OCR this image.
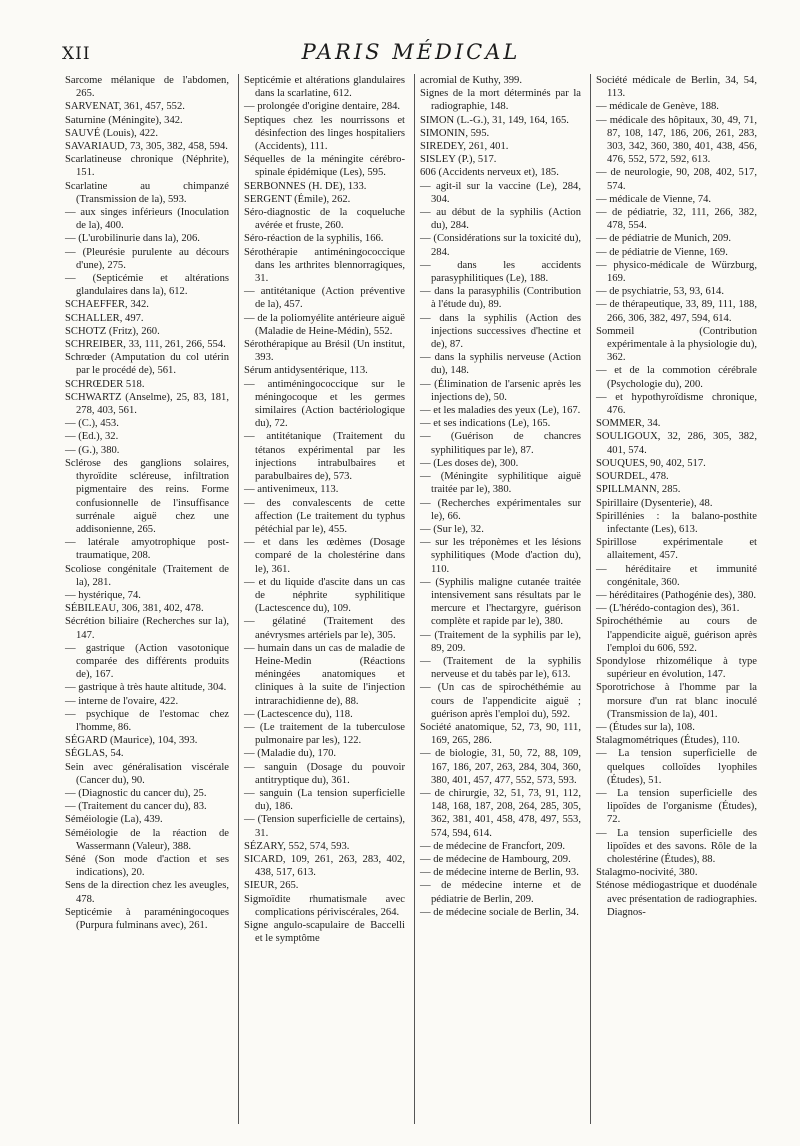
XII	PARIS MÉDICAL

Sarcome mélanique de l'abdomen, 265.

SARVENAT, 361, 457, 552.

Saturnine (Méningite), 342.

SAUVÉ (Louis), 422.

SAVARIAUD, 73, 305, 382, 458, 594.

Scarlatineuse chronique (Néphrite), 151.

Scarlatine au chimpanzé (Transmission de la), 593.

— aux singes inférieurs (Inoculation de la), 400.

— (L'urobilinurie dans la), 206.

— (Pleurésie purulente au décours d'une), 275.

— (Septicémie et altérations glandulaires dans la), 612.

SCHAEFFER, 342.

SCHALLER, 497.

SCHOTZ (Fritz), 260.

SCHREIBER, 33, 111, 261, 266, 554.

Schrœder (Amputation du col utérin par le procédé de), 561.

SCHRŒDER 518.

SCHWARTZ (Anselme), 25, 83, 181, 278, 403, 561.

— (C.), 453.

— (Ed.), 32.

— (G.), 380.

Sclérose des ganglions solaires, thyroïdite scléreuse, infiltration pigmentaire des reins. Forme confusionnelle de l'insuffisance surrénale aiguë chez une addisonienne, 265.

— latérale amyotrophique post-traumatique, 208.

Scoliose congénitale (Traitement de la), 281.

— hystérique, 74.

SÉBILEAU, 306, 381, 402, 478.

Sécrétion biliaire (Recherches sur la), 147.

— gastrique (Action vasotonique comparée des différents produits de), 167.

— gastrique à très haute altitude, 304.

— interne de l'ovaire, 422.

— psychique de l'estomac chez l'homme, 86.

SÉGARD (Maurice), 104, 393.

SÉGLAS, 54.

Sein avec généralisation viscérale (Cancer du), 90.

— (Diagnostic du cancer du), 25.

— (Traitement du cancer du), 83.

Séméiologie (La), 439.

Séméiologie de la réaction de Wassermann (Valeur), 388.

Séné (Son mode d'action et ses indications), 20.

Sens de la direction chez les aveugles, 478.

Septicémie à paraméningocoques (Purpura fulminans avec), 261.

Septicémie et altérations glandulaires dans la scarlatine, 612.

— prolongée d'origine dentaire, 284.

Septiques chez les nourrissons et désinfection des linges hospitaliers (Accidents), 111.

Séquelles de la méningite cérébro-spinale épidémique (Les), 595.

SERBONNES (H. DE), 133.

SERGENT (Émile), 262.

Séro-diagnostic de la coqueluche avérée et fruste, 260.

Séro-réaction de la syphilis, 166.

Sérothérapie antiméningococcique dans les arthrites blennorragiques, 31.

— antitétanique (Action préventive de la), 457.

— de la poliomyélite antérieure aiguë (Maladie de Heine-Médin), 552.

Sérothérapique au Brésil (Un institut, 393.

Sérum antidysentérique, 113.

— antiméningococcique sur le méningocoque et les germes similaires (Action bactériologique du), 72.

— antitétanique (Traitement du tétanos expérimental par les injections intrabulbaires et parabulbaires de), 573.

— antivenimeux, 113.

— des convalescents de cette affection (Le traitement du typhus pétéchial par le), 455.

— et dans les œdèmes (Dosage comparé de la cholestérine dans le), 361.

— et du liquide d'ascite dans un cas de néphrite syphilitique (Lactescence du), 109.

— gélatiné (Traitement des anévrysmes artériels par le), 305.

— humain dans un cas de maladie de Heine-Medin (Réactions méningées anatomiques et cliniques à la suite de l'injection intrarachidienne de), 88.

— (Lactescence du), 118.

— (Le traitement de la tuberculose pulmonaire par les), 122.

— (Maladie du), 170.

— sanguin (Dosage du pouvoir antitryptique du), 361.

— sanguin (La tension superficielle du), 186.

— (Tension superficielle de certains), 31.

SÉZARY, 552, 574, 593.

SICARD, 109, 261, 263, 283, 402, 438, 517, 613.

SIEUR, 265.

Sigmoïdite rhumatismale avec complications périviscérales, 264.

Signe angulo-scapulaire de Baccelli et le symptôme

acromial de Kuthy, 399.

Signes de la mort déterminés par la radiographie, 148.

SIMON (L.-G.), 31, 149, 164, 165.

SIMONIN, 595.

SIREDEY, 261, 401.

SISLEY (P.), 517.

606 (Accidents nerveux et), 185.

— agit-il sur la vaccine (Le), 284, 304.

— au début de la syphilis (Action du), 284.

— (Considérations sur la toxicité du), 284.

— dans les accidents parasyphilitiques (Le), 188.

— dans la parasyphilis (Contribution à l'étude du), 89.

— dans la syphilis (Action des injections successives d'hectine et de), 87.

— dans la syphilis nerveuse (Action du), 148.

— (Élimination de l'arsenic après les injections de), 50.

— et les maladies des yeux (Le), 167.

— et ses indications (Le), 165.

— (Guérison de chancres syphilitiques par le), 87.

— (Les doses de), 300.

— (Méningite syphilitique aiguë traitée par le), 380.

— (Recherches expérimentales sur le), 66.

— (Sur le), 32.

— sur les tréponèmes et les lésions syphilitiques (Mode d'action du), 110.

— (Syphilis maligne cutanée traitée intensivement sans résultats par le mercure et l'hectargyre, guérison complète et rapide par le), 380.

— (Traitement de la syphilis par le), 89, 209.

— (Traitement de la syphilis nerveuse et du tabès par le), 613.

— (Un cas de spirochéthémie au cours de l'appendicite aiguë ; guérison après l'emploi du), 592.

Société anatomique, 52, 73, 90, 111, 169, 265, 286.

— de biologie, 31, 50, 72, 88, 109, 167, 186, 207, 263, 284, 304, 360, 380, 401, 457, 477, 552, 573, 593.

— de chirurgie, 32, 51, 73, 91, 112, 148, 168, 187, 208, 264, 285, 305, 362, 381, 401, 458, 478, 497, 553, 574, 594, 614.

— de médecine de Francfort, 209.

— de médecine de Hambourg, 209.

— de médecine interne de Berlin, 93.

— de médecine interne et de pédiatrie de Berlin, 209.

— de médecine sociale de Berlin, 34.

Société médicale de Berlin, 34, 54, 113.

— médicale de Genève, 188.

— médicale des hôpitaux, 30, 49, 71, 87, 108, 147, 186, 206, 261, 283, 303, 342, 360, 380, 401, 438, 456, 476, 552, 572, 592, 613.

— de neurologie, 90, 208, 402, 517, 574.

— médicale de Vienne, 74.

— de pédiatrie, 32, 111, 266, 382, 478, 554.

— de pédiatrie de Munich, 209.

— de pédiatrie de Vienne, 169.

— physico-médicale de Würzburg, 169.

— de psychiatrie, 53, 93, 614.

— de thérapeutique, 33, 89, 111, 188, 266, 306, 382, 497, 594, 614.

Sommeil (Contribution expérimentale à la physiologie du), 362.

— et de la commotion cérébrale (Psychologie du), 200.

— et hypothyroïdisme chronique, 476.

SOMMER, 34.

SOULIGOUX, 32, 286, 305, 382, 401, 574.

SOUQUES, 90, 402, 517.

SOURDEL, 478.

SPILLMANN, 285.

Spirillaire (Dysenterie), 48.

Spirillénies : la balano-posthite infectante (Les), 613.

Spirillose expérimentale et allaitement, 457.

— héréditaire et immunité congénitale, 360.

— héréditaires (Pathogénie des), 380.

— (L'hérédo-contagion des), 361.

Spirochéthémie au cours de l'appendicite aiguë, guérison après l'emploi du 606, 592.

Spondylose rhizomélique à type supérieur en évolution, 147.

Sporotrichose à l'homme par la morsure d'un rat blanc inoculé (Transmission de la), 401.

— (Études sur la), 108.

Stalagmométriques (Études), 110.

— La tension superficielle de quelques colloïdes lyophiles (Études), 51.

— La tension superficielle des lipoïdes de l'organisme (Études), 72.

— La tension superficielle des lipoïdes et des savons. Rôle de la cholestérine (Études), 88.

Stalagmo-nocivité, 380.

Sténose médiogastrique et duodénale avec présentation de radiographies. Diagnos-
